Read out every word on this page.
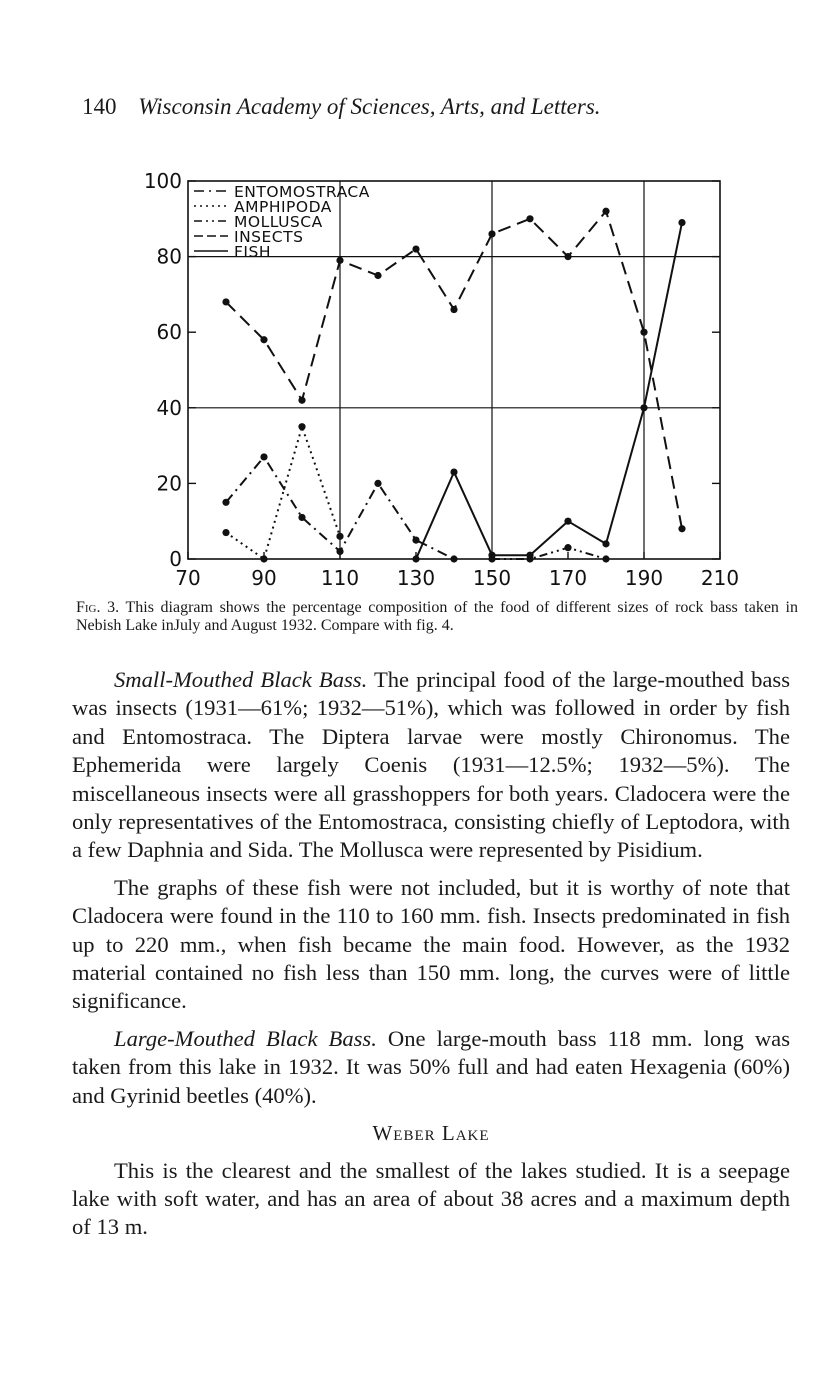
140 Wisconsin Academy of Sciences, Arts, and Letters.
0
20
40
60
80
100
70	90 110 130 150 170 190 210
ENTOMOSTRACA
AMPHIPODA
MOLLUSCA
INSECTS
FISH
Fig. 3. This diagram shows the percentage composition of the food of different sizes of rock bass taken in Nebish Lake inJuly and August 1932. Compare with fig. 4.

Small-Mouthed Black Bass. The principal food of the large-mouthed bass was insects (1931—61%; 1932—51%), which was followed in order by fish and Entomostraca. The Diptera larvae were mostly Chironomus. The Ephemerida were largely Coenis (1931—12.5%; 1932—5%). The miscellaneous insects were all grasshoppers for both years. Cladocera were the only representatives of the Entomostraca, consisting chiefly of Leptodora, with a few Daphnia and Sida. The Mollusca were represented by Pisidium.

The graphs of these fish were not included, but it is worthy of note that Cladocera were found in the 110 to 160 mm. fish. Insects predominated in fish up to 220 mm., when fish became the main food. However, as the 1932 material contained no fish less than 150 mm. long, the curves were of little significance.

Large-Mouthed Black Bass. One large-mouth bass 118 mm. long was taken from this lake in 1932. It was 50% full and had eaten Hexagenia (60%) and Gyrinid beetles (40%).

Weber Lake

This is the clearest and the smallest of the lakes studied. It is a seepage lake with soft water, and has an area of about 38 acres and a maximum depth of 13 m.
